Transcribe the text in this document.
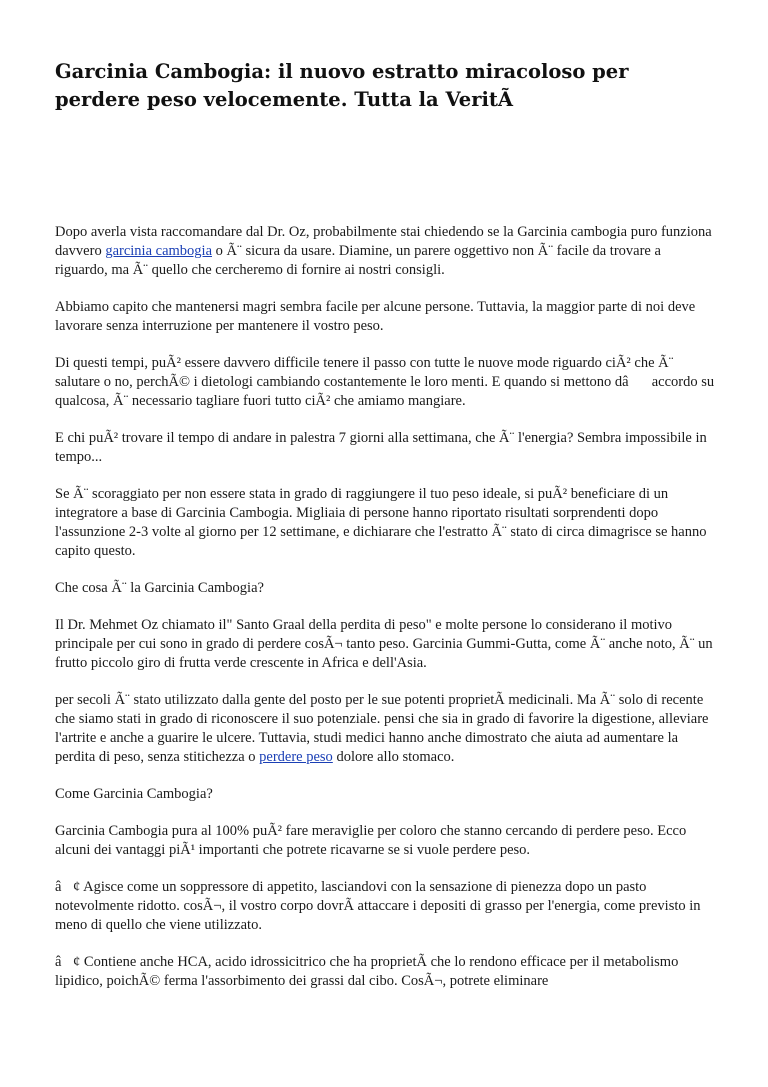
Garcinia Cambogia: il nuovo estratto miracoloso per perdere peso velocemente. Tutta la VeritÃ

Dopo averla vista raccomandare dal Dr. Oz, probabilmente stai chiedendo se la Garcinia cambogia puro funziona davvero garcinia cambogia o Ã¨ sicura da usare. Diamine, un parere oggettivo non Ã¨ facile da trovare a riguardo, ma Ã¨ quello che cercheremo di fornire ai nostri consigli.

Abbiamo capito che mantenersi magri sembra facile per alcune persone. Tuttavia, la maggior parte di noi deve lavorare senza interruzione per mantenere il vostro peso.

Di questi tempi, puÃ² essere davvero difficile tenere il passo con tutte le nuove mode riguardo ciÃ² che Ã¨ salutare o no, perchÃ© i dietologi cambiando costantemente le loro menti. E quando si mettono dâaccordo su qualcosa, Ã¨ necessario tagliare fuori tutto ciÃ² che amiamo mangiare.

E chi puÃ² trovare il tempo di andare in palestra 7 giorni alla settimana, che Ã¨ l'energia? Sembra impossibile in tempo...

Se Ã¨ scoraggiato per non essere stata in grado di raggiungere il tuo peso ideale, si puÃ² beneficiare di un integratore a base di Garcinia Cambogia. Migliaia di persone hanno riportato risultati sorprendenti dopo l'assunzione 2-3 volte al giorno per 12 settimane, e dichiarare che l'estratto Ã¨ stato di circa dimagrisce se hanno capito questo.

Che cosa Ã¨ la Garcinia Cambogia?

Il Dr. Mehmet Oz chiamato il" Santo Graal della perdita di peso" e molte persone lo considerano il motivo principale per cui sono in grado di perdere cosÃ¬ tanto peso. Garcinia Gummi-Gutta, come Ã¨ anche noto, Ã¨ un frutto piccolo giro di frutta verde crescente in Africa e dell'Asia.

per secoli Ã¨ stato utilizzato dalla gente del posto per le sue potenti proprietÃ medicinali. Ma Ã¨ solo di recente che siamo stati in grado di riconoscere il suo potenziale. pensi che sia in grado di favorire la digestione, alleviare l'artrite e anche a guarire le ulcere. Tuttavia, studi medici hanno anche dimostrato che aiuta ad aumentare la perdita di peso, senza stitichezza o perdere peso dolore allo stomaco.

Come Garcinia Cambogia?

Garcinia Cambogia pura al 100% puÃ² fare meraviglie per coloro che stanno cercando di perdere peso. Ecco alcuni dei vantaggi piÃ¹ importanti che potrete ricavarne se si vuole perdere peso.

â¢ Agisce come un soppressore di appetito, lasciandovi con la sensazione di pienezza dopo un pasto notevolmente ridotto. cosÃ¬, il vostro corpo dovrÃ attaccare i depositi di grasso per l'energia, come previsto in meno di quello che viene utilizzato.

â¢ Contiene anche HCA, acido idrossicitrico che ha proprietÃ che lo rendono efficace per il metabolismo lipidico, poichÃ© ferma l'assorbimento dei grassi dal cibo. CosÃ¬, potrete eliminare
